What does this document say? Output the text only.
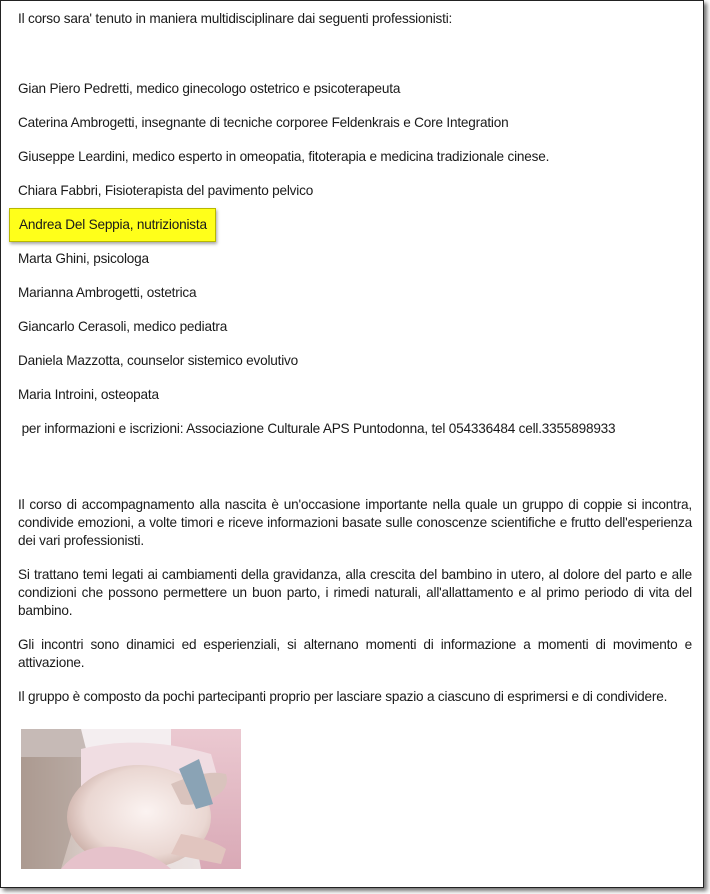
Il corso sara' tenuto in maniera multidisciplinare dai seguenti professionisti:

Gian Piero Pedretti, medico ginecologo ostetrico e psicoterapeuta
Caterina Ambrogetti, insegnante di tecniche corporee Feldenkrais e Core Integration
Giuseppe Leardini, medico esperto in omeopatia, fitoterapia e medicina tradizionale cinese.
Chiara Fabbri, Fisioterapista del pavimento pelvico
Andrea Del Seppia, nutrizionista
Marta Ghini, psicologa
Marianna Ambrogetti, ostetrica
Giancarlo Cerasoli, medico pediatra
Daniela Mazzotta, counselor sistemico evolutivo
Maria Introini, osteopata

per informazioni e iscrizioni: Associazione Culturale APS Puntodonna, tel 054336484 cell.3355898933

Il corso di accompagnamento alla nascita è un'occasione importante nella quale un gruppo di coppie si incontra, condivide emozioni, a volte timori e riceve informazioni basate sulle conoscenze scientifiche e frutto dell'esperienza dei vari professionisti.

Si trattano temi legati ai cambiamenti della gravidanza, alla crescita del bambino in utero, al dolore del parto e alle condizioni che possono permettere un buon parto, i rimedi naturali, all'allattamento e al primo periodo di vita del bambino.

Gli incontri sono dinamici ed esperienziali, si alternano momenti di informazione a momenti di movimento e attivazione.

Il gruppo è composto da pochi partecipanti proprio per lasciare spazio a ciascuno di esprimersi e di condividere.
